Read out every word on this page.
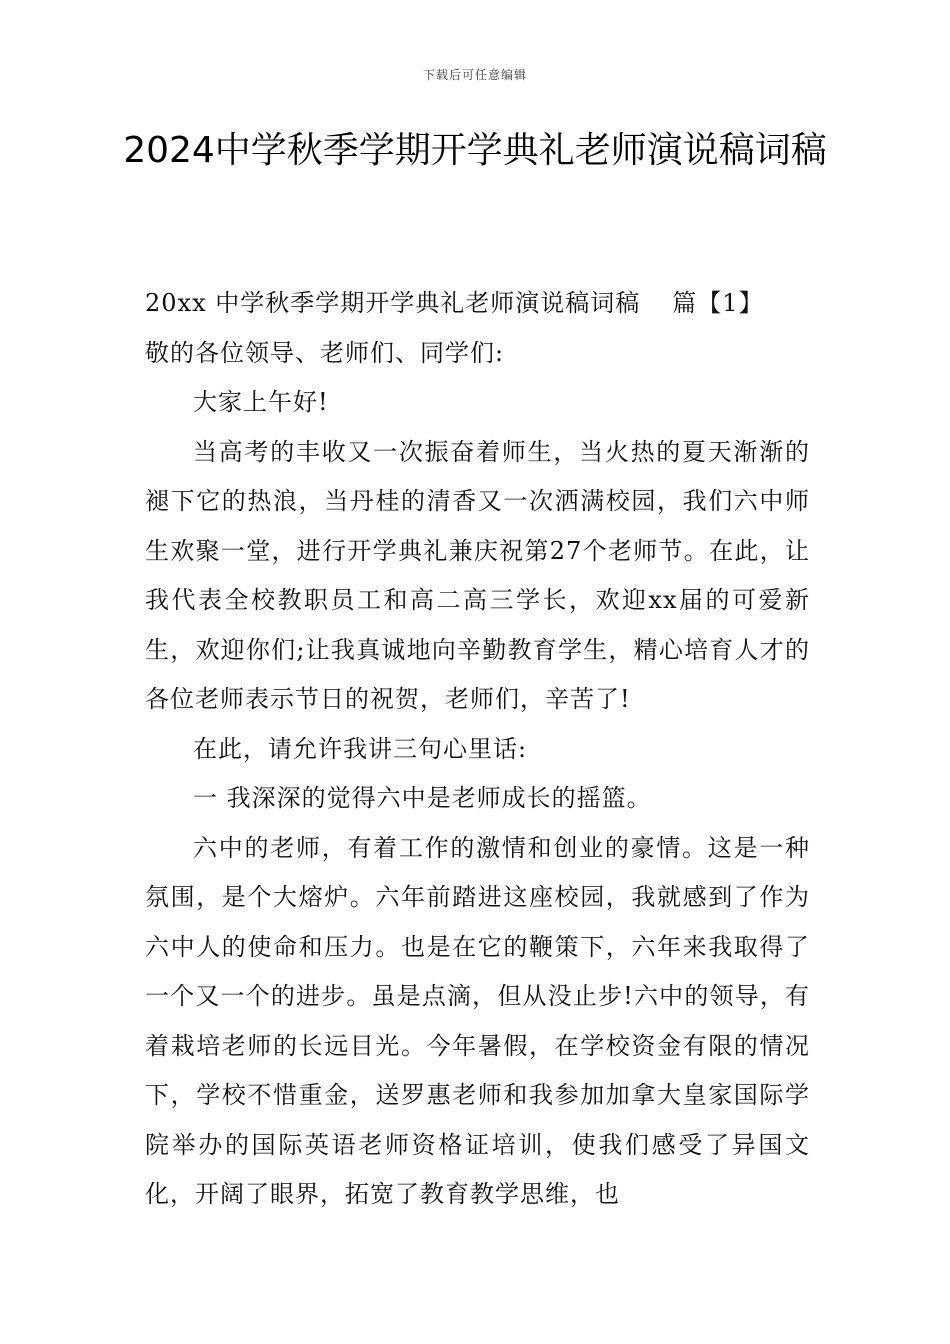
下载后可任意编辑
2024中学秋季学期开学典礼老师演说稿词稿

20xx 中学秋季学期开学典礼老师演说稿词稿 篇【1】

敬的各位领导、老师们、同学们:

大家上午好!

当高考的丰收又一次振奋着师生，当火热的夏天渐渐的褪下它的热浪，当丹桂的清香又一次洒满校园，我们六中师生欢聚一堂，进行开学典礼兼庆祝第27个老师节。在此，让我代表全校教职员工和高二高三学长，欢迎xx届的可爱新生，欢迎你们;让我真诚地向辛勤教育学生，精心培育人才的各位老师表示节日的祝贺，老师们，辛苦了!

在此，请允许我讲三句心里话:

一 我深深的觉得六中是老师成长的摇篮。

六中的老师，有着工作的激情和创业的豪情。这是一种氛围，是个大熔炉。六年前踏进这座校园，我就感到了作为六中人的使命和压力。也是在它的鞭策下，六年来我取得了一个又一个的进步。虽是点滴，但从没止步!六中的领导，有着栽培老师的长远目光。今年暑假，在学校资金有限的情况下，学校不惜重金，送罗惠老师和我参加加拿大皇家国际学院举办的国际英语老师资格证培训，使我们感受了异国文化，开阔了眼界，拓宽了教育教学思维，也
